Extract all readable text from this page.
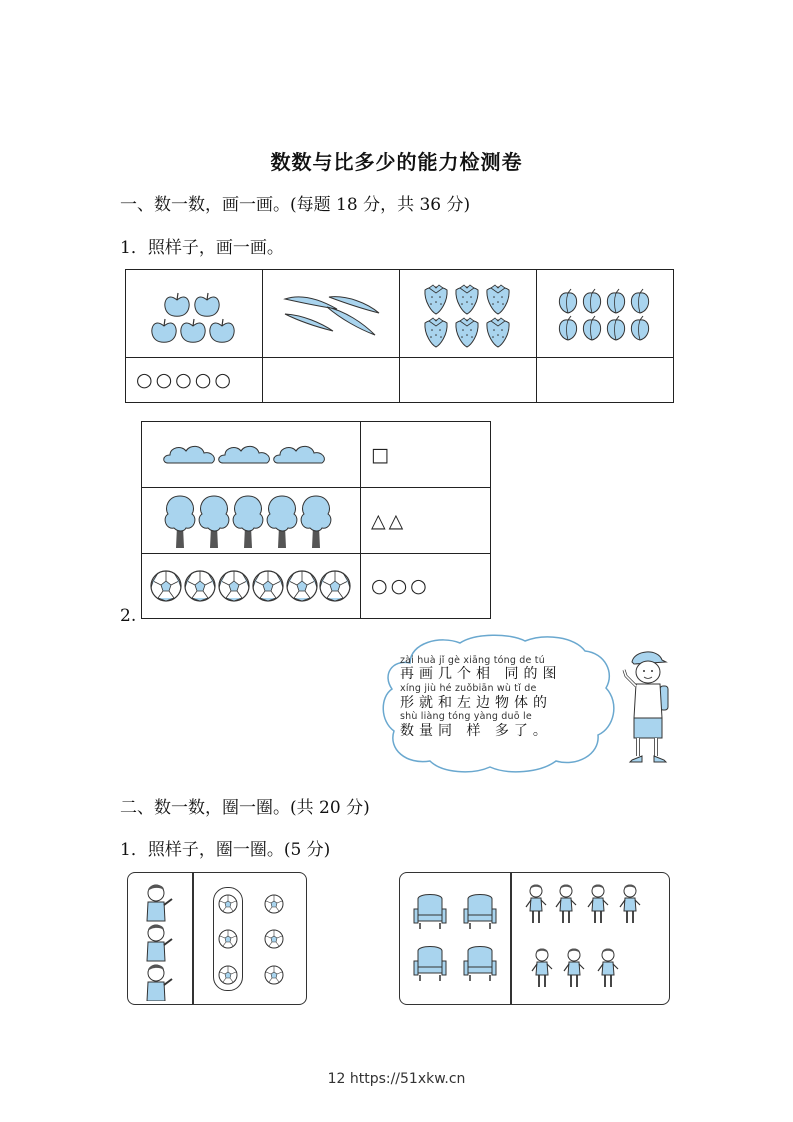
数数与比多少的能力检测卷
一、数一数，画一画。(每题 18 分，共 36 分)
1．照样子，画一画。

○○○○○			
2.
	□

	△△

	○○○
zài huà jǐ gè xiāng tóng de tú
再画几个相 同的图
xíng jiù hé zuǒbiān wù tǐ de
形就和左边物体的
shù liàng tóng yàng duō le
数量同 样 多了。
二、数一数，圈一圈。(共 20 分)
1．照样子，圈一圈。(5 分)
12 https://51xkw.cn
